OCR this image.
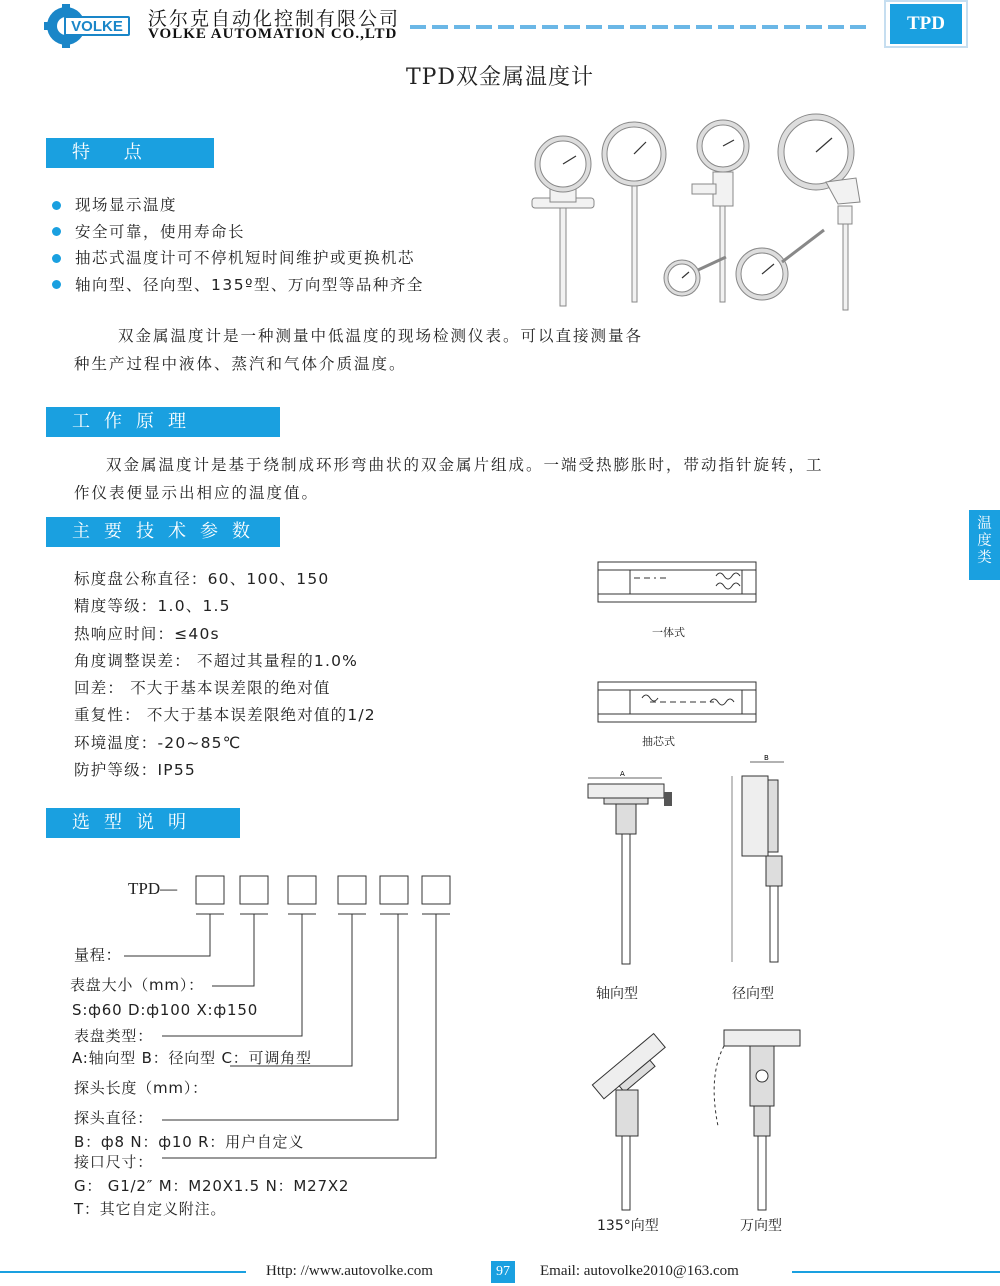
VOLKE 沃尔克自动化控制有限公司
VOLKE AUTOMATION CO.,LTD	TPD
TPD双金属温度计
特 点
现场显示温度
安全可靠，使用寿命长
抽芯式温度计可不停机短时间维护或更换机芯
轴向型、径向型、135º型、万向型等品种齐全
双金属温度计是一种测量中低温度的现场检测仪表。可以直接测量各
种生产过程中液体、蒸汽和气体介质温度。
工作原理
双金属温度计是基于绕制成环形弯曲状的双金属片组成。一端受热膨胀时，带动指针旋转，工
作仪表便显示出相应的温度值。
主要技术参数
标度盘公称直径：60、100、150
精度等级：1.0、1.5
热响应时间：≤40s
角度调整误差： 不超过其量程的1.0%
回差： 不大于基本误差限的绝对值
重复性： 不大于基本误差限绝对值的1/2
环境温度：-20~85℃
防护等级：IP55
温
度
类
一体式
抽芯式
A
B
轴向型	径向型
135°向型	万向型
选型说明
TPD—
量程：
表盘大小（mm）：
S:ф60 D:ф100 X:ф150
表盘类型：
A:轴向型 B：径向型 C：可调角型
探头长度（mm）：
探头直径：
B：ф8 N：ф10 R：用户自定义
接口尺寸：
G： G1/2″ M：M20X1.5 N：M27X2
T：其它自定义附注。
Http: //www.autovolke.com	97	Email: autovolke2010@163.com
